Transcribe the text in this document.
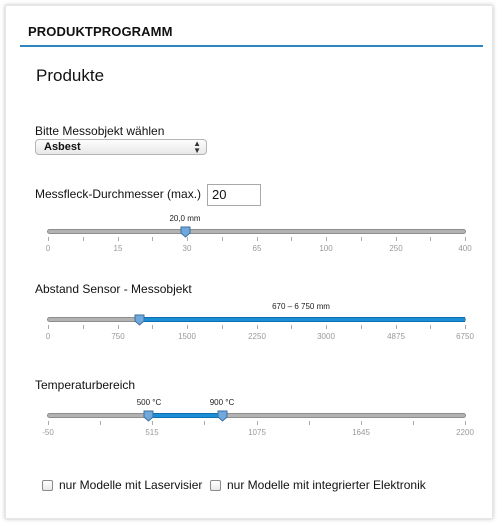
PRODUKTPROGRAMM
Produkte
Bitte Messobjekt wählen
Asbest	▲
▼
Messfleck-Durchmesser (max.) 20
20,0 mm
0	15	30	65	100	250	400
Abstand Sensor - Messobjekt
670 – 6 750 mm
0	750	1500	2250	3000	4875	6750
Temperaturbereich
500 °C	900 °C
-50	515	1075	1645	2200
nur Modelle mit Laservisier nur Modelle mit integrierter Elektronik
